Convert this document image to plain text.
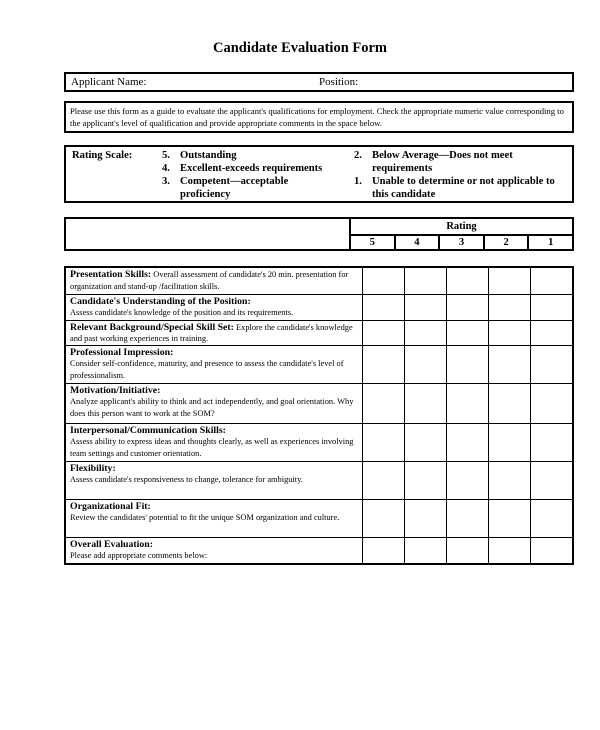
Candidate Evaluation Form
Applicant Name:	Position:
Please use this form as a guide to evaluate the applicant's qualifications for employment. Check the appropriate numeric value corresponding to the applicant's level of qualification and provide appropriate comments in the space below.
Rating Scale:	5. Outstanding
4. Excellent-exceeds requirements
3. Competent—acceptable proficiency
2. Below Average—Does not meet requirements
1. Unable to determine or not applicable to this candidate
	Rating				
	5	4	3	2	1
Presentation Skills: Overall assessment of candidate's 20 min. presentation for organization and stand-up /facilitation skills.					
Candidate's Understanding of the Position:
Assess candidate's knowledge of the position and its requirements.					
Relevant Background/Special Skill Set: Explore the candidate's knowledge and past working experiences in training.					
Professional Impression:
Consider self-confidence, maturity, and presence to assess the candidate's level of professionalism.					
Motivation/Initiative:
Analyze applicant's ability to think and act independently, and goal orientation. Why does this person want to work at the SOM?					
Interpersonal/Communication Skills:
Assess ability to express ideas and thoughts clearly, as well as experiences involving team settings and customer orientation.					
Flexibility:
Assess candidate's responsiveness to change, tolerance for ambiguity.					
Organizational Fit:
Review the candidates' potential to fit the unique SOM organization and culture.					
Overall Evaluation:
Please add appropriate comments below:					
